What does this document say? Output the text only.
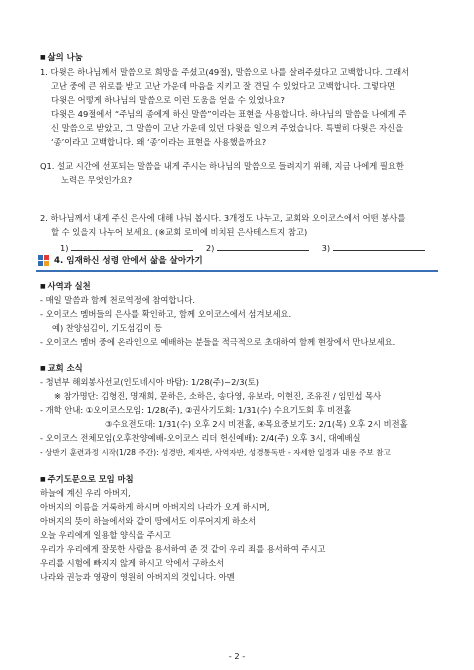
■ 삶의 나눔
1. 다윗은 하나님께서 말씀으로 희망을 주셨고(49절), 말씀으로 나를 살려주셨다고 고백합니다. 그래서
고난 중에 큰 위로를 받고 고난 가운데 마음을 지키고 잘 견딜 수 있었다고 고백합니다. 그렇다면
다윗은 어떻게 하나님의 말씀으로 이런 도움을 얻을 수 있었나요?
다윗은 49절에서 “주님의 종에게 하신 말씀”이라는 표현을 사용합니다. 하나님의 말씀을 나에게 주
신 말씀으로 받았고, 그 말씀이 고난 가운데 있던 다윗을 일으켜 주었습니다. 특별히 다윗은 자신을
‘종’이라고 고백합니다. 왜 ‘종’이라는 표현을 사용했을까요?
Q1. 설교 시간에 선포되는 말씀을 내게 주시는 하나님의 말씀으로 들려지기 위해, 지금 나에게 필요한
노력은 무엇인가요?
2. 하나님께서 내게 주신 은사에 대해 나눠 봅시다. 3개정도 나누고, 교회와 오이코스에서 어떤 봉사를
할 수 있을지 나누어 보세요. (※교회 로비에 비치된 은사테스트지 참고)
1)	2)	3)
4. 임재하신 성령 안에서 삶을 살아가기
■ 사역과 실천
- 매일 말씀과 함께 천로역정에 참여합니다.
- 오이코스 멤버들의 은사를 확인하고, 함께 오이코스에서 섬겨보세요.
예) 찬양섬김이, 기도섬김이 등
- 오이코스 멤버 중에 온라인으로 예배하는 분들을 적극적으로 초대하여 함께 현장에서 만나보세요.
■ 교회 소식
- 청년부 해외봉사선교(인도네시아 바탐): 1/28(주)~2/3(토)
※ 참가명단: 김형진, 명재희, 문하은, 소하은, 송다영, 유보라, 이현진, 조유진 / 임민섭 목사
- 개학 안내: ①오이코스모임: 1/28(주), ②권사기도회: 1/31(수) 수요기도회 후 비전홀
③수요전도대: 1/31(수) 오후 2시 비전홀, ④목요중보기도: 2/1(목) 오후 2시 비전홀
- 오이코스 전체모임(오후찬양예배-오이코스 리더 헌신예배): 2/4(주) 오후 3시, 대예배실
- 상반기 훈련과정 시작(1/28 주간): 성경반, 제자반, 사역자반, 성경통독반 - 자세한 일정과 내용 주보 참고
■ 주기도문으로 모임 마침
하늘에 계신 우리 아버지,
아버지의 이름을 거룩하게 하시며 아버지의 나라가 오게 하시며,
아버지의 뜻이 하늘에서와 같이 땅에서도 이루어지게 하소서
오늘 우리에게 일용할 양식을 주시고
우리가 우리에게 잘못한 사람을 용서하여 준 것 같이 우리 죄를 용서하여 주시고
우리를 시험에 빠지지 않게 하시고 악에서 구하소서
나라와 권능과 영광이 영원히 아버지의 것입니다. 아멘
- 2 -
